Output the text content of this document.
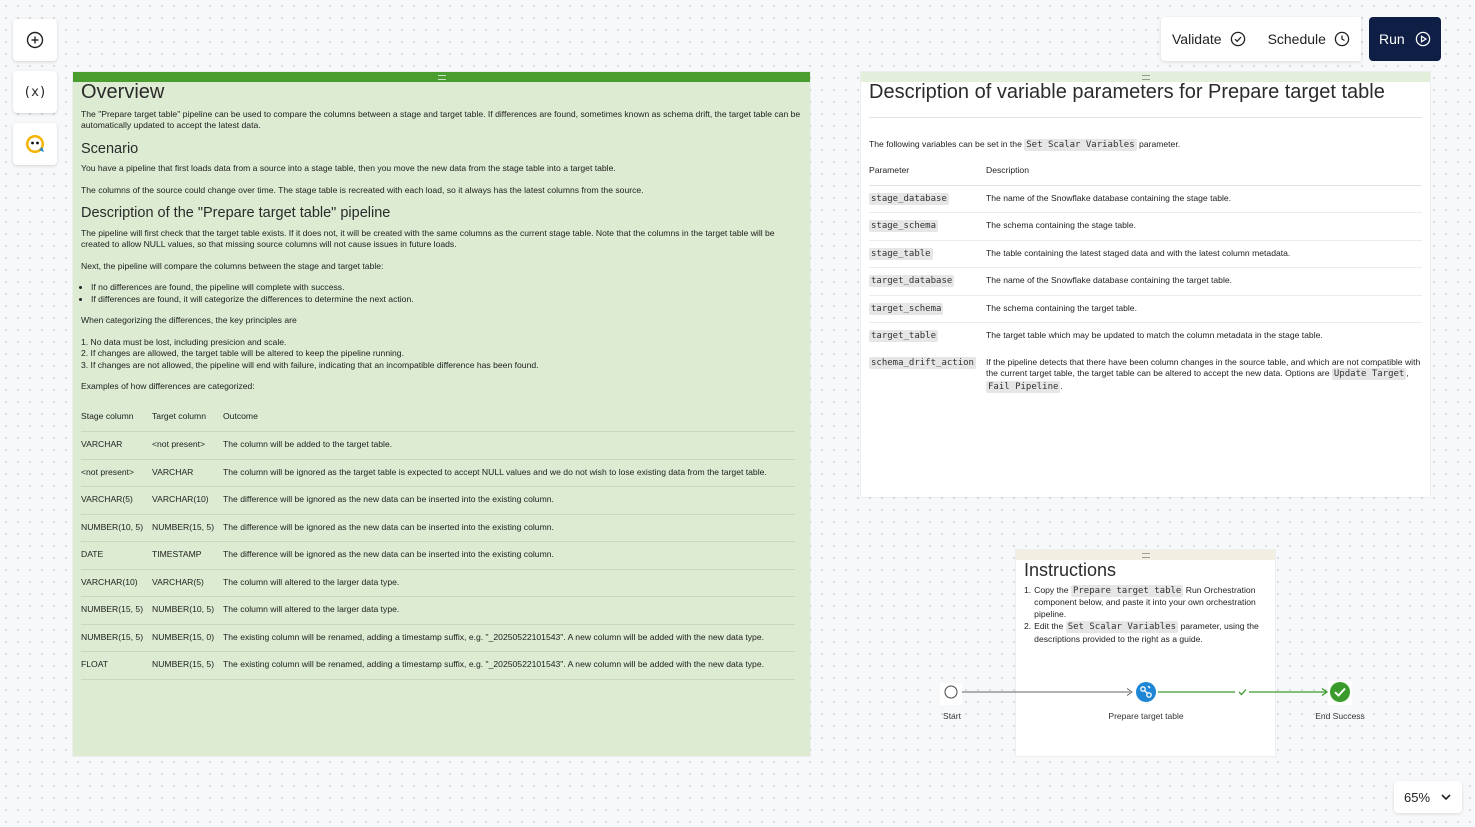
(x)
Validate	Schedule	Run
Overview

The "Prepare target table" pipeline can be used to compare the columns between a stage and target table. If differences are found, sometimes known as schema drift, the target table can be automatically updated to accept the latest data.

Scenario

You have a pipeline that first loads data from a source into a stage table, then you move the new data from the stage table into a target table.

The columns of the source could change over time. The stage table is recreated with each load, so it always has the latest columns from the source.

Description of the "Prepare target table" pipeline

The pipeline will first check that the target table exists. If it does not, it will be created with the same columns as the current stage table. Note that the columns in the target table will be created to allow NULL values, so that missing source columns will not cause issues in future loads.

Next, the pipeline will compare the columns between the stage and target table:

• If no differences are found, the pipeline will complete with success.
• If differences are found, it will categorize the differences to determine the next action.

When categorizing the differences, the key principles are

1. No data must be lost, including presicion and scale.
2. If changes are allowed, the target table will be altered to keep the pipeline running.
3. If changes are not allowed, the pipeline will end with failure, indicating that an incompatible difference has been found.

Examples of how differences are categorized:

Stage column	Target column	Outcome
VARCHAR	<not present>	The column will be added to the target table.
<not present>	VARCHAR	The column will be ignored as the target table is expected to accept NULL values and we do not wish to lose existing data from the target table.
VARCHAR(5)	VARCHAR(10)	The difference will be ignored as the new data can be inserted into the existing column.
NUMBER(10, 5)	NUMBER(15, 5)	The difference will be ignored as the new data can be inserted into the existing column.
DATE	TIMESTAMP	The difference will be ignored as the new data can be inserted into the existing column.
VARCHAR(10)	VARCHAR(5)	The column will altered to the larger data type.
NUMBER(15, 5)	NUMBER(10, 5)	The column will altered to the larger data type.
NUMBER(15, 5)	NUMBER(15, 0)	The existing column will be renamed, adding a timestamp suffix, e.g. "_20250522101543". A new column will be added with the new data type.
FLOAT	NUMBER(15, 5)	The existing column will be renamed, adding a timestamp suffix, e.g. "_20250522101543". A new column will be added with the new data type.
Description of variable parameters for Prepare target table
The following variables can be set in the Set Scalar Variables parameter.
Parameter	Description
stage_database	The name of the Snowflake database containing the stage table.
stage_schema	The schema containing the stage table.
stage_table	The table containing the latest staged data and with the latest column metadata.
target_database	The name of the Snowflake database containing the target table.
target_schema	The schema containing the target table.
target_table	The target table which may be updated to match the column metadata in the stage table.
schema_drift_action	If the pipeline detects that there have been column changes in the source table, and which are not compatible with the current target table, the target table can be altered to accept the new data. Options are Update Target , Fail Pipeline .
Instructions
1. Copy the Prepare target table Run Orchestration component below, and paste it into your own orchestration pipeline.
2. Edit the Set Scalar Variables parameter, using the descriptions provided to the right as a guide.
Start	Prepare target table	End Success
65%
